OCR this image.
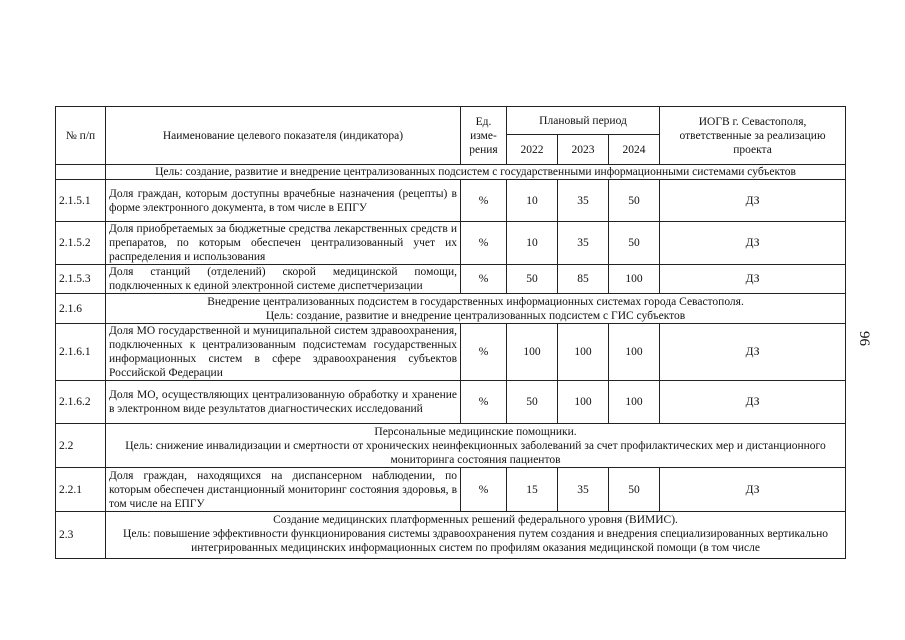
96
№ п/п	Наименование целевого показателя (индикатора)	Ед. изме- рения	Плановый период			ИОГВ г. Севастополя, ответственные за реализацию проекта
			2022	2023	2024	
	Цель: создание, развитие и внедрение централизованных подсистем с государственными информационными системами субъектов					
2.1.5.1	Доля граждан, которым доступны врачебные назначения (рецепты) в форме электронного документа, в том числе в ЕПГУ	%	10	35	50	ДЗ
2.1.5.2	Доля приобретаемых за бюджетные средства лекарственных средств и препаратов, по которым обеспечен централизованный учет их распределения и использования	%	10	35	50	ДЗ
2.1.5.3	Доля станций (отделений) скорой медицинской помощи, подключенных к единой электронной системе диспетчеризации	%	50	85	100	ДЗ
2.1.6	Внедрение централизованных подсистем в государственных информационных системах города Севастополя.
Цель: создание, развитие и внедрение централизованных подсистем с ГИС субъектов					

2.1.6.1	Доля МО государственной и муниципальной систем здравоохранения, подключенных к централизованным подсистемам государственных информационных систем в сфере здравоохранения субъектов Российской Федерации	%	100	100	100	ДЗ
2.1.6.2	Доля МО, осуществляющих централизованную обработку и хранение в электронном виде результатов диагностических исследований	%	50	100	100	ДЗ
2.2	Персональные медицинские помощники.
Цель: снижение инвалидизации и смертности от хронических неинфекционных заболеваний за счет профилактических мер и дистанционного мониторинга состояния пациентов					

2.2.1	Доля граждан, находящихся на диспансерном наблюдении, по которым обеспечен дистанционный мониторинг состояния здоровья, в том числе на ЕПГУ	%	15	35	50	ДЗ
2.3	Создание медицинских платформенных решений федерального уровня (ВИМИС).
Цель: повышение эффективности функционирования системы здравоохранения путем создания и внедрения специализированных вертикально интегрированных медицинских информационных систем по профилям оказания медицинской помощи (в том числе					
